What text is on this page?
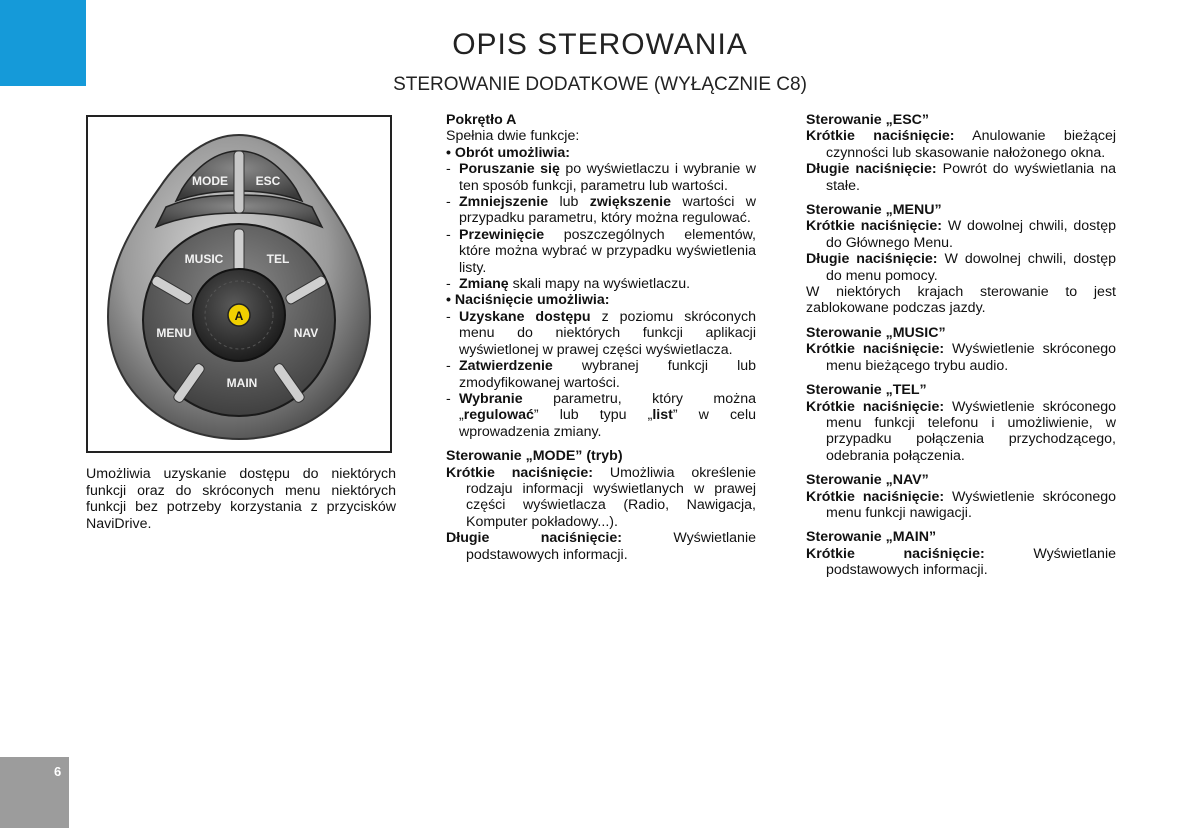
6
OPIS STEROWANIA
STEROWANIE DODATKOWE (WYŁĄCZNIE C8)
MODE ESC
MUSIC	TEL
MENU	NAV
MAIN
A
Umożliwia uzyskanie dostępu do niektórych funkcji oraz do skróconych menu niektórych funkcji bez potrzeby korzystania z przycisków NaviDrive.

Pokrętło A

Spełnia dwie funkcje:

• Obrót umożliwia:

- Poruszanie się po wyświetlaczu i wybranie w ten sposób funkcji, parametru lub wartości.

- Zmniejszenie lub zwiększenie wartości w przypadku parametru, który można regulować.

- Przewinięcie poszczególnych elementów, które można wybrać w przypadku wyświetlenia listy.

- Zmianę skali mapy na wyświetlaczu.

• Naciśnięcie umożliwia:

- Uzyskane dostępu z poziomu skróconych menu do niektórych funkcji aplikacji wyświetlonej w prawej części wyświetlacza.

- Zatwierdzenie wybranej funkcji lub zmodyfikowanej wartości.

- Wybranie parametru, który można „regulować” lub typu „list” w celu wprowadzenia zmiany.

Sterowanie „MODE” (tryb)

Krótkie naciśnięcie: Umożliwia określenie rodzaju informacji wyświetlanych w prawej części wyświetlacza (Radio, Nawigacja, Komputer pokładowy...).

Długie naciśnięcie: Wyświetlanie podstawowych informacji.

Sterowanie „ESC”

Krótkie naciśnięcie: Anulowanie bieżącej czynności lub skasowanie nałożonego okna.

Długie naciśnięcie: Powrót do wyświetlania na stałe.

Sterowanie „MENU”

Krótkie naciśnięcie: W dowolnej chwili, dostęp do Głównego Menu.

Długie naciśnięcie: W dowolnej chwili, dostęp do menu pomocy.

W niektórych krajach sterowanie to jest zablokowane podczas jazdy.

Sterowanie „MUSIC”

Krótkie naciśnięcie: Wyświetlenie skróconego menu bieżącego trybu audio.

Sterowanie „TEL”

Krótkie naciśnięcie: Wyświetlenie skróconego menu funkcji telefonu i umożliwienie, w przypadku połączenia przychodzącego, odebrania połączenia.

Sterowanie „NAV”

Krótkie naciśnięcie: Wyświetlenie skróconego menu funkcji nawigacji.

Sterowanie „MAIN”

Krótkie naciśnięcie: Wyświetlanie podstawowych informacji.
